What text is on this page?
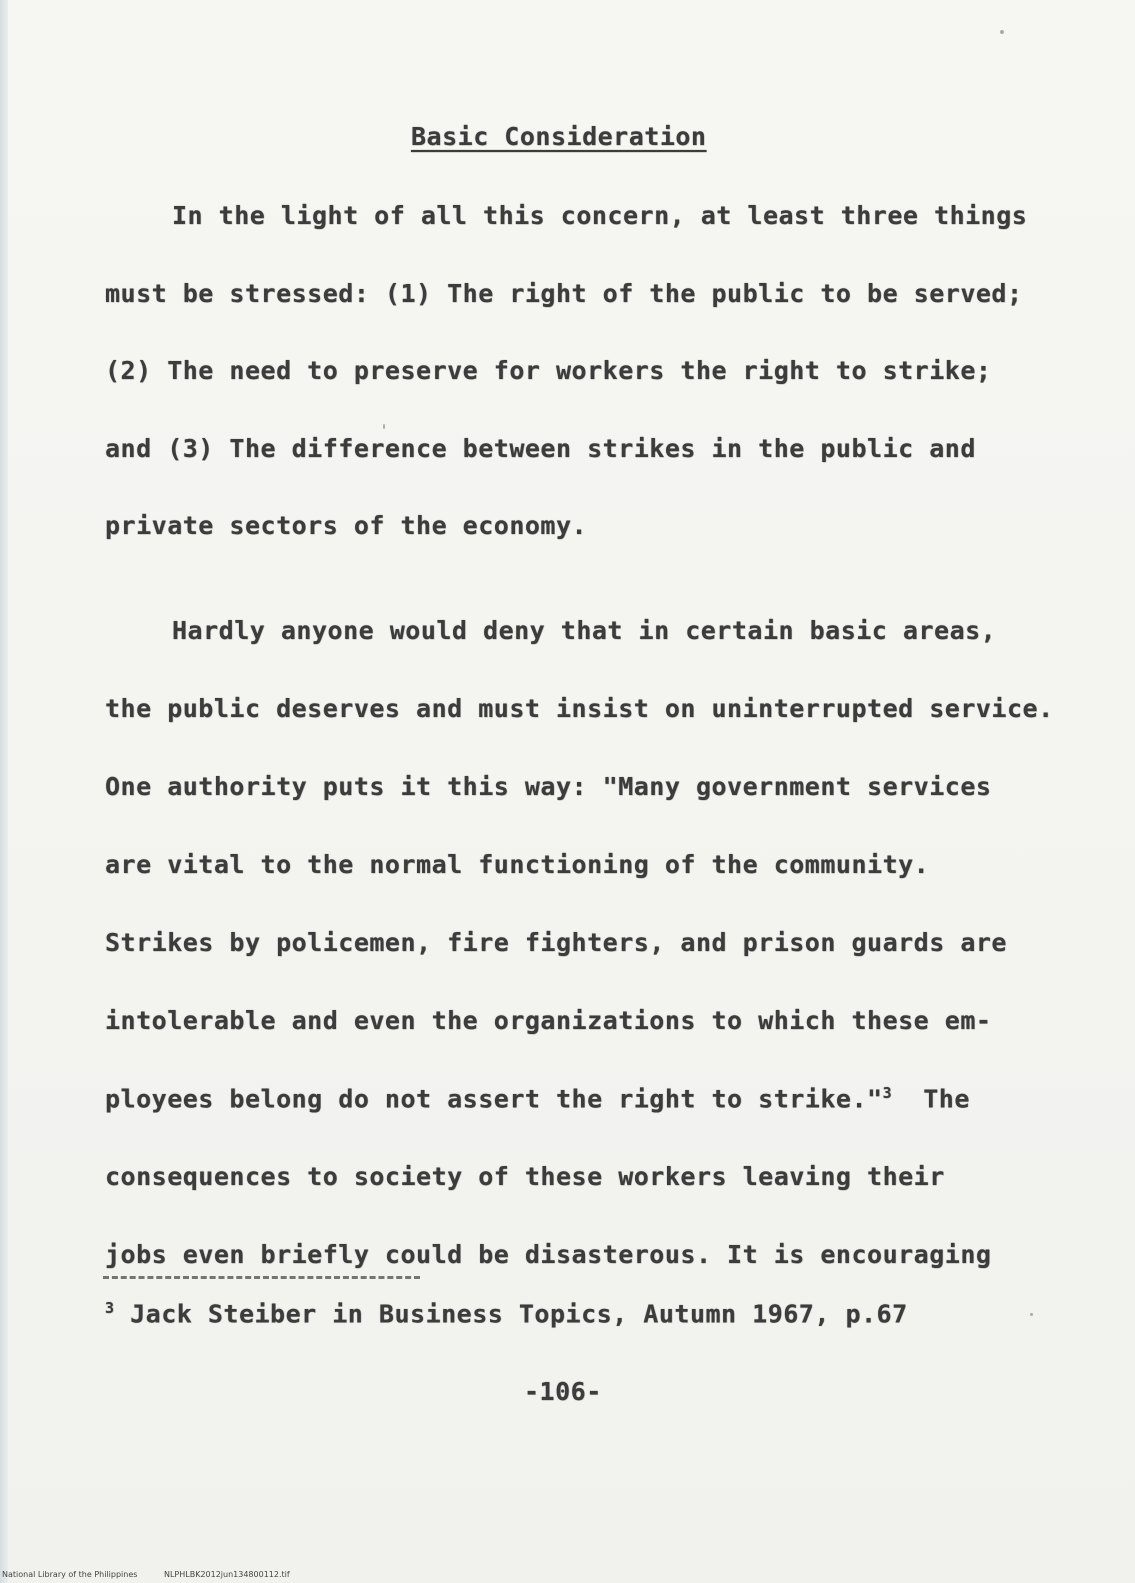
Basic Consideration
In the light of all this concern, at least three things
must be stressed: (1) The right of the public to be served;
(2) The need to preserve for workers the right to strike;
and (3) The difference between strikes in the public and
private sectors of the economy.
Hardly anyone would deny that in certain basic areas,
the public deserves and must insist on uninterrupted service.
One authority puts it this way: "Many government services
are vital to the normal functioning of the community.
Strikes by policemen, fire fighters, and prison guards are
intolerable and even the organizations to which these em-
ployees belong do not assert the right to strike."$^3$ The
consequences to society of these workers leaving their
jobs even briefly could be disasterous. It is encouraging
$^3$ Jack Steiber in Business Topics, Autumn 1967, p.67
-106-
National Library of the Philippines	NLPHLBK2012jun134800112.tif
